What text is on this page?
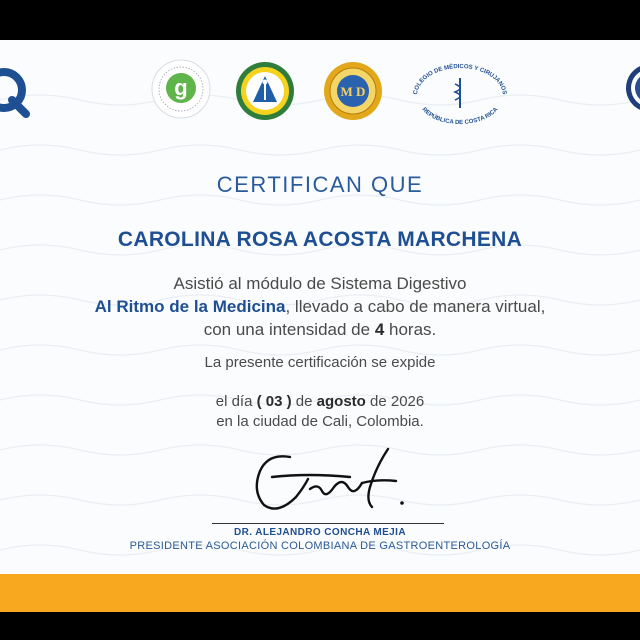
g	M D	COLEGIO DE MÉDICOS Y CIRUJANOS
REPÚBLICA DE COSTA RICA
CERTIFICAN QUE
CAROLINA ROSA ACOSTA MARCHENA
Asistió al módulo de Sistema Digestivo
Al Ritmo de la Medicina, llevado a cabo de manera virtual,
con una intensidad de 4 horas.
La presente certificación se expide
el día ( 03 ) de agosto de 2026
en la ciudad de Cali, Colombia.
DR. ALEJANDRO CONCHA MEJIA
PRESIDENTE ASOCIACIÓN COLOMBIANA DE GASTROENTEROLOGÍA
